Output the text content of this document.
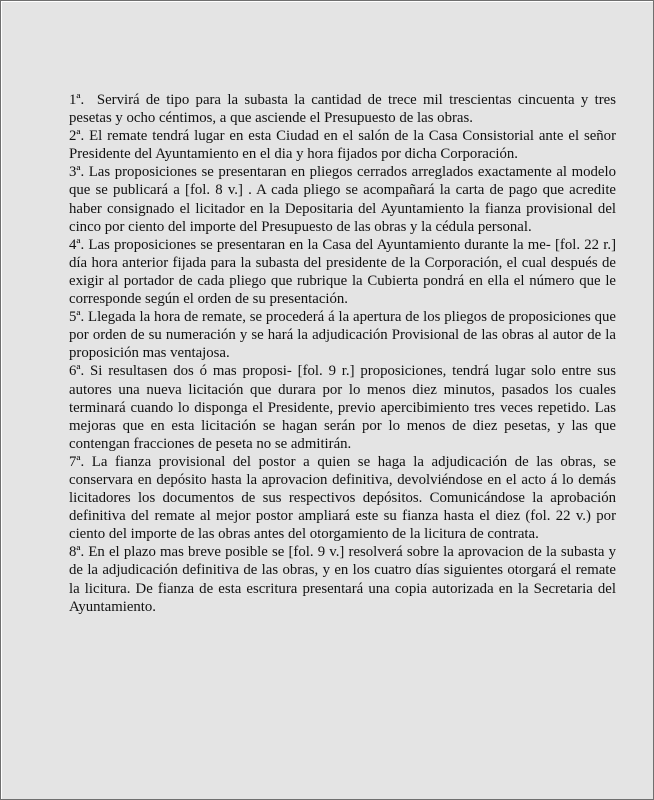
1ª. Servirá de tipo para la subasta la cantidad de trece mil trescientas cincuenta y tres pesetas y ocho céntimos, a que asciende el Presupuesto de las obras.

2ª. El remate tendrá lugar en esta Ciudad en el salón de la Casa Consistorial ante el señor Presidente del Ayuntamiento en el dia y hora fijados por dicha Corporación.

3ª. Las proposiciones se presentaran en pliegos cerrados arreglados exactamente al modelo que se publicará a [fol. 8 v.] . A cada pliego se acompañará la carta de pago que acredite haber consignado el licitador en la Depositaria del Ayuntamiento la fianza provisional del cinco por ciento del importe del Presupuesto de las obras y la cédula personal.

4ª. Las proposiciones se presentaran en la Casa del Ayuntamiento durante la me- [fol. 22 r.] día hora anterior fijada para la subasta del presidente de la Corporación, el cual después de exigir al portador de cada pliego que rubrique la Cubierta pondrá en ella el número que le corresponde según el orden de su presentación.

5ª. Llegada la hora de remate, se procederá á la apertura de los pliegos de proposiciones que por orden de su numeración y se hará la adjudicación Provisional de las obras al autor de la proposición mas ventajosa.

6ª. Si resultasen dos ó mas proposi- [fol. 9 r.] proposiciones, tendrá lugar solo entre sus autores una nueva licitación que durara por lo menos diez minutos, pasados los cuales terminará cuando lo disponga el Presidente, previo apercibimiento tres veces repetido. Las mejoras que en esta licitación se hagan serán por lo menos de diez pesetas, y las que contengan fracciones de peseta no se admitirán.

7ª. La fianza provisional del postor a quien se haga la adjudicación de las obras, se conservara en depósito hasta la aprovacion definitiva, devolviéndose en el acto á lo demás licitadores los documentos de sus respectivos depósitos. Comunicándose la aprobación definitiva del remate al mejor postor ampliará este su fianza hasta el diez (fol. 22 v.) por ciento del importe de las obras antes del otorgamiento de la licitura de contrata.

8ª. En el plazo mas breve posible se [fol. 9 v.] resolverá sobre la aprovacion de la subasta y de la adjudicación definitiva de las obras, y en los cuatro días siguientes otorgará el remate la licitura. De fianza de esta escritura presentará una copia autorizada en la Secretaria del Ayuntamiento.
